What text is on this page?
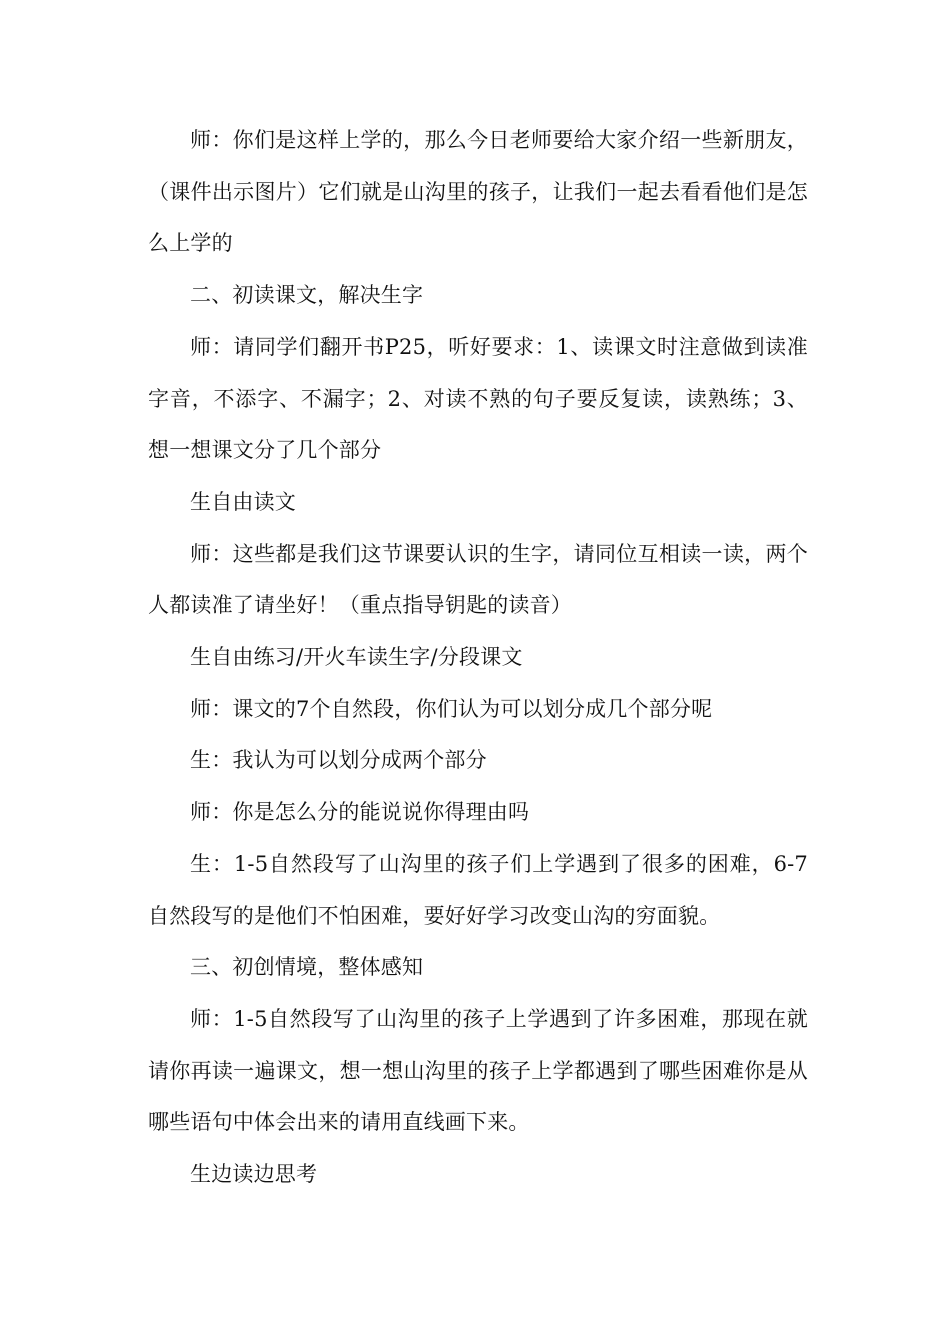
师：你们是这样上学的，那么今日老师要给大家介绍一些新朋友，（课件出示图片）它们就是山沟里的孩子，让我们一起去看看他们是怎么上学的

二、初读课文，解决生字

师：请同学们翻开书P25，听好要求：1、读课文时注意做到读准字音，不添字、不漏字；2、对读不熟的句子要反复读，读熟练；3、想一想课文分了几个部分

生自由读文

师：这些都是我们这节课要认识的生字，请同位互相读一读，两个人都读准了请坐好！（重点指导钥匙的读音）

生自由练习/开火车读生字/分段课文

师：课文的7个自然段，你们认为可以划分成几个部分呢

生：我认为可以划分成两个部分

师：你是怎么分的能说说你得理由吗

生：1-5自然段写了山沟里的孩子们上学遇到了很多的困难，6-7自然段写的是他们不怕困难，要好好学习改变山沟的穷面貌。

三、初创情境，整体感知

师：1-5自然段写了山沟里的孩子上学遇到了许多困难，那现在就请你再读一遍课文，想一想山沟里的孩子上学都遇到了哪些困难你是从哪些语句中体会出来的请用直线画下来。

生边读边思考
